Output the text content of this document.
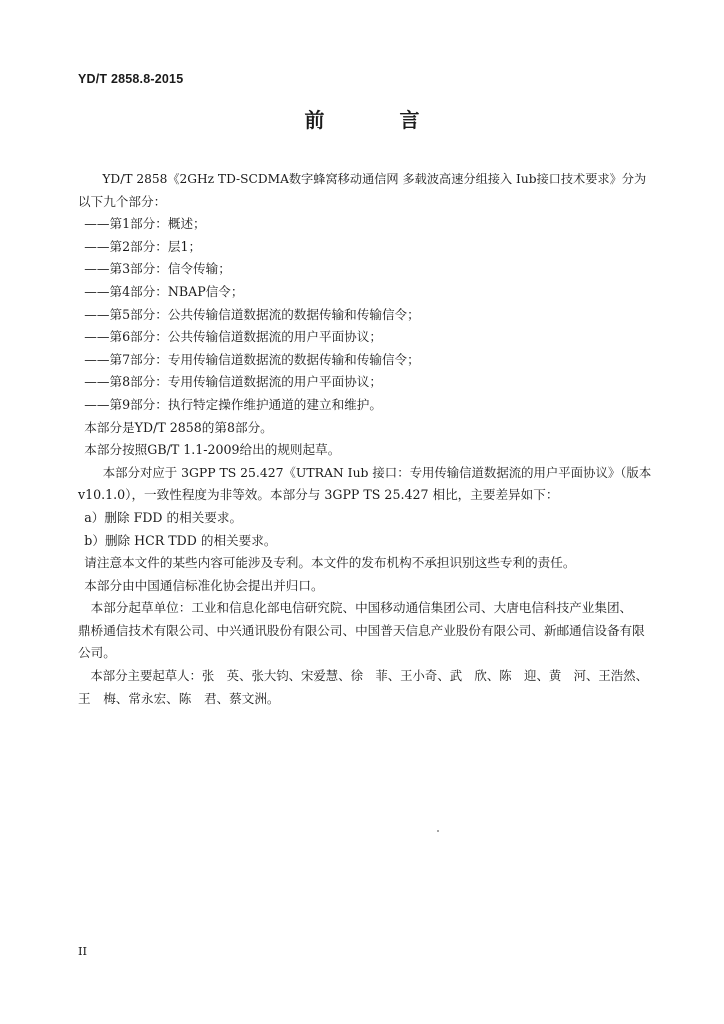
YD/T 2858.8-2015
前 言

YD/T 2858《2GHz TD-SCDMA数字蜂窝移动通信网 多载波高速分组接入 Iub接口技术要求》分为

以下九个部分：

——第1部分：概述；

——第2部分：层1；

——第3部分：信令传输；

——第4部分：NBAP信令；

——第5部分：公共传输信道数据流的数据传输和传输信令；

——第6部分：公共传输信道数据流的用户平面协议；

——第7部分：专用传输信道数据流的数据传输和传输信令；

——第8部分：专用传输信道数据流的用户平面协议；

——第9部分：执行特定操作维护通道的建立和维护。

本部分是YD/T 2858的第8部分。

本部分按照GB/T 1.1-2009给出的规则起草。

本部分对应于 3GPP TS 25.427《UTRAN Iub 接口：专用传输信道数据流的用户平面协议》（版本

v10.1.0），一致性程度为非等效。本部分与 3GPP TS 25.427 相比，主要差异如下：

a）删除 FDD 的相关要求。

b）删除 HCR TDD 的相关要求。

请注意本文件的某些内容可能涉及专利。本文件的发布机构不承担识别这些专利的责任。

本部分由中国通信标准化协会提出并归口。

本部分起草单位：工业和信息化部电信研究院、中国移动通信集团公司、大唐电信科技产业集团、

鼎桥通信技术有限公司、中兴通讯股份有限公司、中国普天信息产业股份有限公司、新邮通信设备有限

公司。

本部分主要起草人：张　英、张大钧、宋爱慧、徐　菲、王小奇、武　欣、陈　迎、黄　河、王浩然、

王　梅、常永宏、陈　君、蔡文洲。

II
